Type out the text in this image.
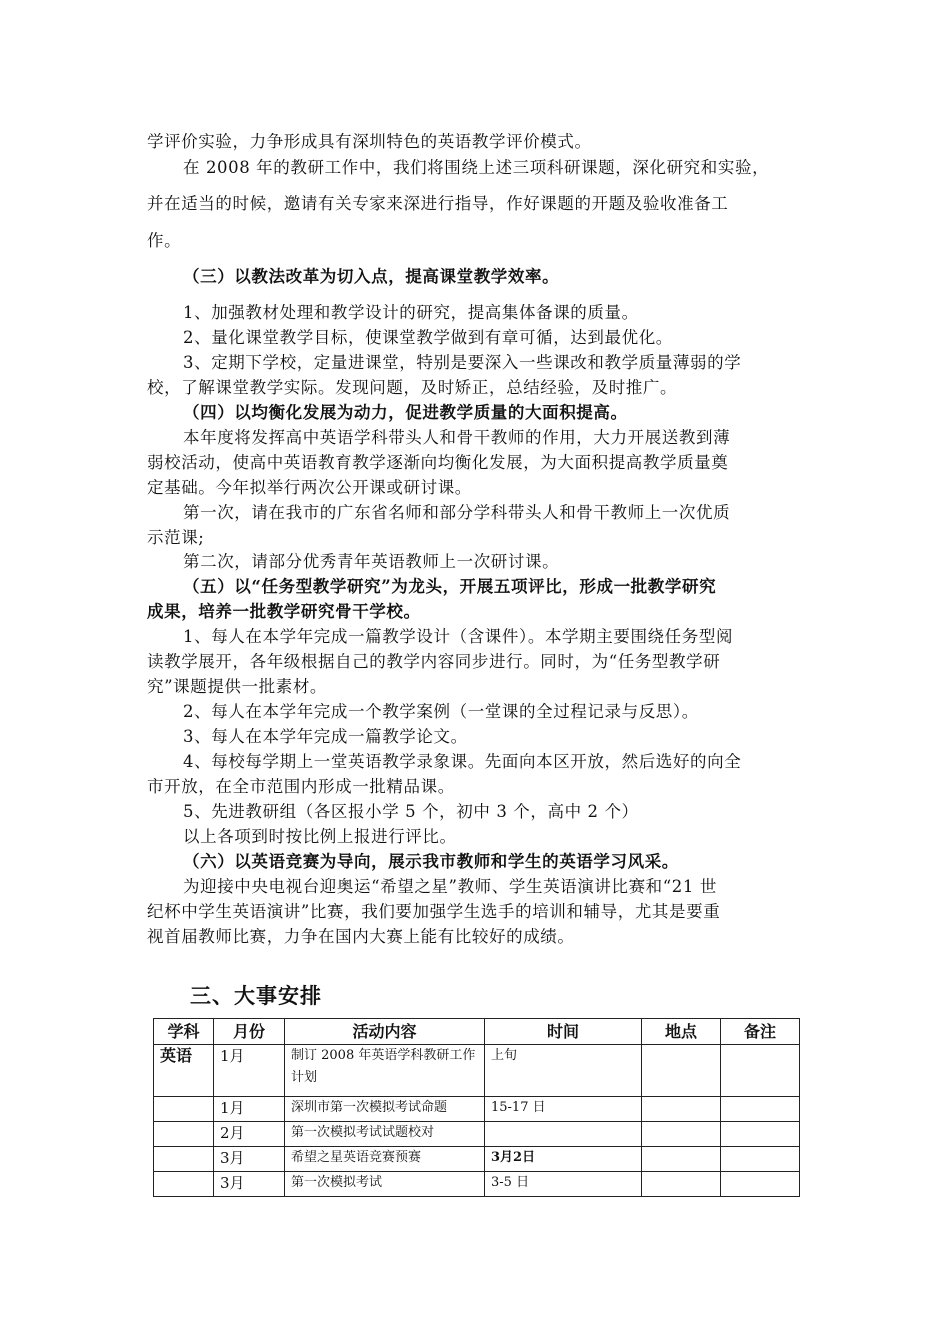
学评价实验，力争形成具有深圳特色的英语教学评价模式。
在 2008 年的教研工作中，我们将围绕上述三项科研课题，深化研究和实验，
并在适当的时候，邀请有关专家来深进行指导，作好课题的开题及验收准备工
作。
（三）以教法改革为切入点，提高课堂教学效率。
1、加强教材处理和教学设计的研究，提高集体备课的质量。
2、量化课堂教学目标，使课堂教学做到有章可循，达到最优化。
3、定期下学校，定量进课堂，特别是要深入一些课改和教学质量薄弱的学
校，了解课堂教学实际。发现问题，及时矫正，总结经验，及时推广。
（四）以均衡化发展为动力，促进教学质量的大面积提高。
本年度将发挥高中英语学科带头人和骨干教师的作用，大力开展送教到薄
弱校活动，使高中英语教育教学逐渐向均衡化发展，为大面积提高教学质量奠
定基础。今年拟举行两次公开课或研讨课。
第一次，请在我市的广东省名师和部分学科带头人和骨干教师上一次优质
示范课;
第二次，请部分优秀青年英语教师上一次研讨课。
（五）以“任务型教学研究”为龙头，开展五项评比，形成一批教学研究
成果，培养一批教学研究骨干学校。
1、每人在本学年完成一篇教学设计（含课件）。本学期主要围绕任务型阅
读教学展开，各年级根据自己的教学内容同步进行。同时，为“任务型教学研
究”课题提供一批素材。
2、每人在本学年完成一个教学案例（一堂课的全过程记录与反思）。
3、每人在本学年完成一篇教学论文。
4、每校每学期上一堂英语教学录象课。先面向本区开放，然后选好的向全
市开放，在全市范围内形成一批精品课。
5、先进教研组（各区报小学 5 个，初中 3 个，高中 2 个）
以上各项到时按比例上报进行评比。
（六）以英语竞赛为导向，展示我市教师和学生的英语学习风采。
为迎接中央电视台迎奥运“希望之星”教师、学生英语演讲比赛和“21 世
纪杯中学生英语演讲”比赛，我们要加强学生选手的培训和辅导，尤其是要重
视首届教师比赛，力争在国内大赛上能有比较好的成绩。
三、大事安排
学科	月份	活动内容	时间	地点	备注
英语	1月	制订 2008 年英语学科教研工作计划	上旬		
	1月	深圳市第一次模拟考试命题	15-17 日		
	2月	第一次模拟考试试题校对			
	3月	希望之星英语竞赛预赛	3月2日		
	3月	第一次模拟考试	3-5 日		
